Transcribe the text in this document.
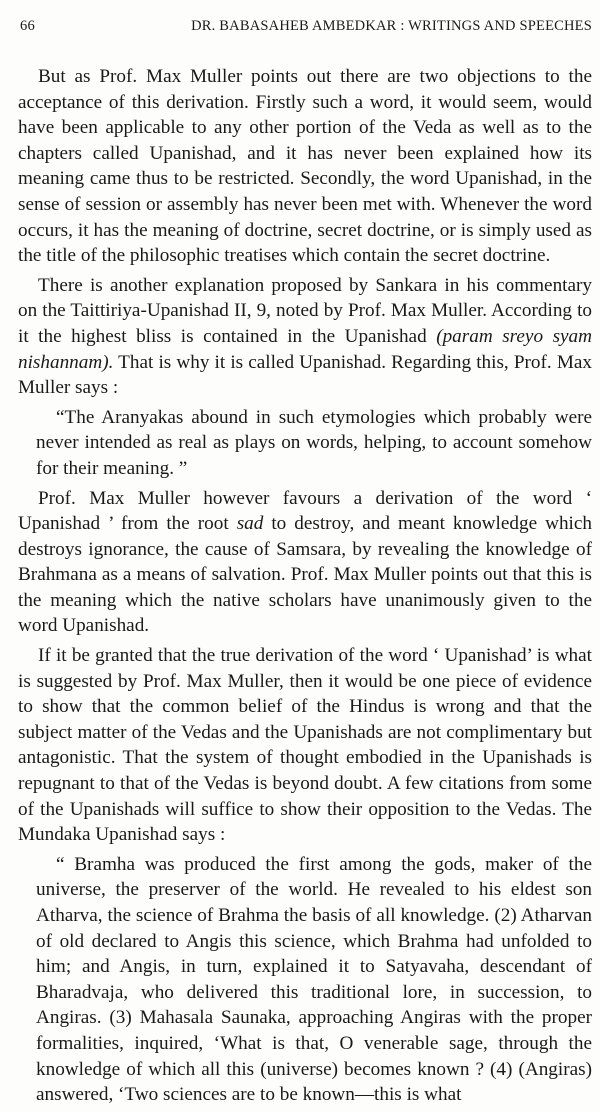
66	DR. BABASAHEB AMBEDKAR : WRITINGS AND SPEECHES

But as Prof. Max Muller points out there are two objections to the acceptance of this derivation. Firstly such a word, it would seem, would have been applicable to any other portion of the Veda as well as to the chapters called Upanishad, and it has never been explained how its meaning came thus to be restricted. Secondly, the word Upanishad, in the sense of session or assembly has never been met with. Whenever the word occurs, it has the meaning of doctrine, secret doctrine, or is simply used as the title of the philosophic treatises which contain the secret doctrine.

There is another explanation proposed by Sankara in his commentary on the Taittiriya-Upanishad II, 9, noted by Prof. Max Muller. According to it the highest bliss is contained in the Upanishad (param sreyo syam nishannam). That is why it is called Upanishad. Regarding this, Prof. Max Muller says :

“The Aranyakas abound in such etymologies which probably were never intended as real as plays on words, helping, to account somehow for their meaning. ”

Prof. Max Muller however favours a derivation of the word ‘ Upanishad ’ from the root sad to destroy, and meant knowledge which destroys ignorance, the cause of Samsara, by revealing the knowledge of Brahmana as a means of salvation. Prof. Max Muller points out that this is the meaning which the native scholars have unanimously given to the word Upanishad.

If it be granted that the true derivation of the word ‘ Upanishad’ is what is suggested by Prof. Max Muller, then it would be one piece of evidence to show that the common belief of the Hindus is wrong and that the subject matter of the Vedas and the Upanishads are not complimentary but antagonistic. That the system of thought embodied in the Upanishads is repugnant to that of the Vedas is beyond doubt. A few citations from some of the Upanishads will suffice to show their opposition to the Vedas. The Mundaka Upanishad says :

“ Bramha was produced the first among the gods, maker of the universe, the preserver of the world. He revealed to his eldest son Atharva, the science of Brahma the basis of all knowledge. (2) Atharvan of old declared to Angis this science, which Brahma had unfolded to him; and Angis, in turn, explained it to Satyavaha, descendant of Bharadvaja, who delivered this traditional lore, in succession, to Angiras. (3) Mahasala Saunaka, approaching Angiras with the proper formalities, inquired, ‘What is that, O venerable sage, through the knowledge of which all this (universe) becomes known ? (4) (Angiras) answered, ‘Two sciences are to be known—this is what
